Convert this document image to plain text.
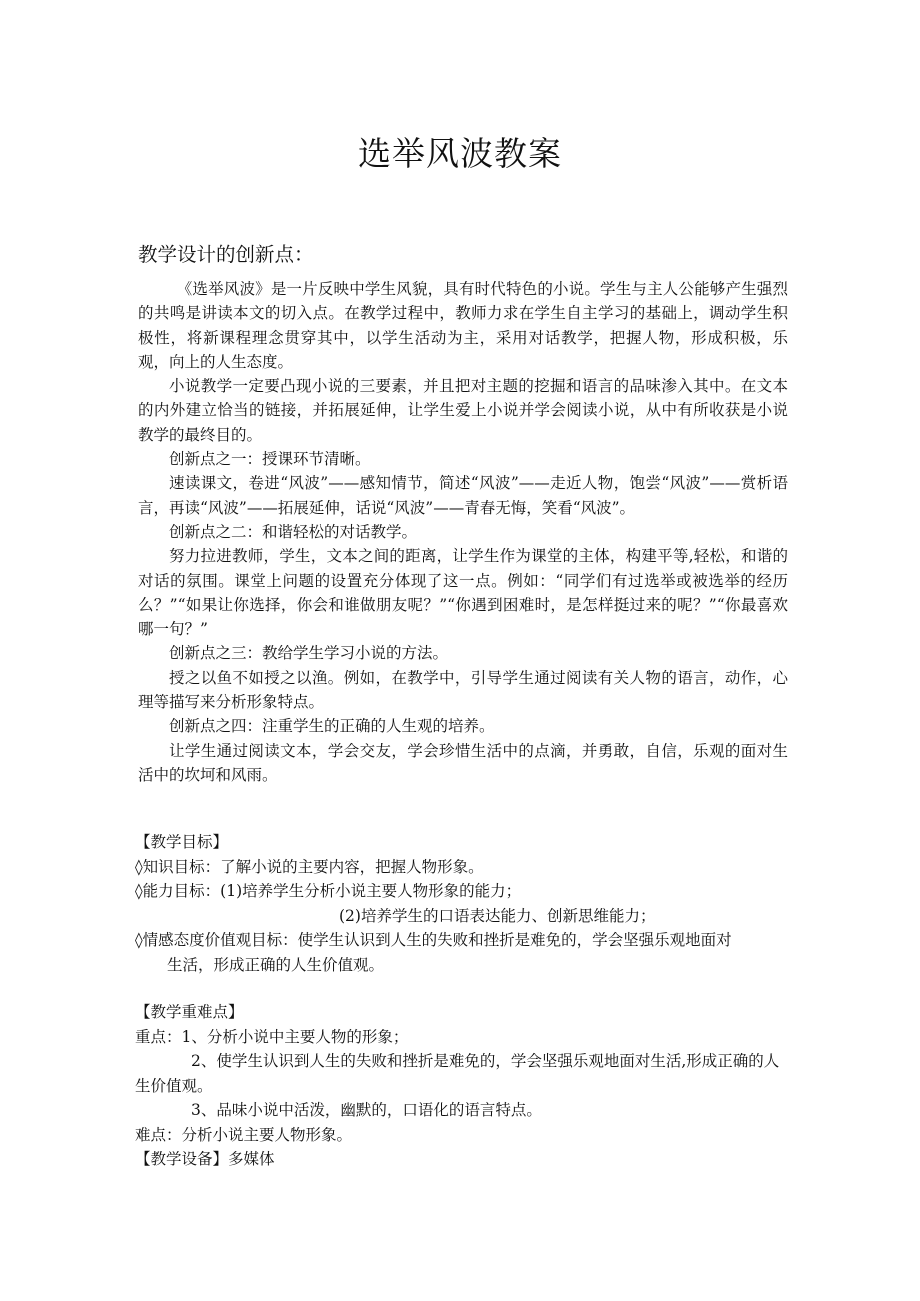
选举风波教案
教学设计的创新点：

《选举风波》是一片反映中学生风貌，具有时代特色的小说。学生与主人公能够产生强烈的共鸣是讲读本文的切入点。在教学过程中，教师力求在学生自主学习的基础上，调动学生积极性，将新课程理念贯穿其中，以学生活动为主，采用对话教学，把握人物，形成积极，乐观，向上的人生态度。

小说教学一定要凸现小说的三要素，并且把对主题的挖掘和语言的品味渗入其中。在文本的内外建立恰当的链接，并拓展延伸，让学生爱上小说并学会阅读小说，从中有所收获是小说教学的最终目的。

创新点之一：授课环节清晰。

速读课文，卷进“风波”——感知情节，简述“风波”——走近人物，饱尝“风波”——赏析语言，再读“风波”——拓展延伸，话说“风波”——青春无悔，笑看“风波”。

创新点之二：和谐轻松的对话教学。

努力拉进教师，学生，文本之间的距离，让学生作为课堂的主体，构建平等,轻松，和谐的对话的氛围。课堂上问题的设置充分体现了这一点。例如：“同学们有过选举或被选举的经历么？”“如果让你选择，你会和谁做朋友呢？”“你遇到困难时，是怎样挺过来的呢？”“你最喜欢哪一句？”

创新点之三：教给学生学习小说的方法。

授之以鱼不如授之以渔。例如，在教学中，引导学生通过阅读有关人物的语言，动作，心理等描写来分析形象特点。

创新点之四：注重学生的正确的人生观的培养。

让学生通过阅读文本，学会交友，学会珍惜生活中的点滴，并勇敢，自信，乐观的面对生活中的坎坷和风雨。

【教学目标】
◊知识目标：了解小说的主要内容，把握人物形象。
◊能力目标：(1)培养学生分析小说主要人物形象的能力；
(2)培养学生的口语表达能力、创新思维能力；
◊情感态度价值观目标：使学生认识到人生的失败和挫折是难免的，学会坚强乐观地面对
生活，形成正确的人生价值观。
【教学重难点】
重点：1、分析小说中主要人物的形象；
2、使学生认识到人生的失败和挫折是难免的，学会坚强乐观地面对生活,形成正确的人生价值观。
3、品味小说中活泼，幽默的，口语化的语言特点。
难点：分析小说主要人物形象。
【教学设备】多媒体
